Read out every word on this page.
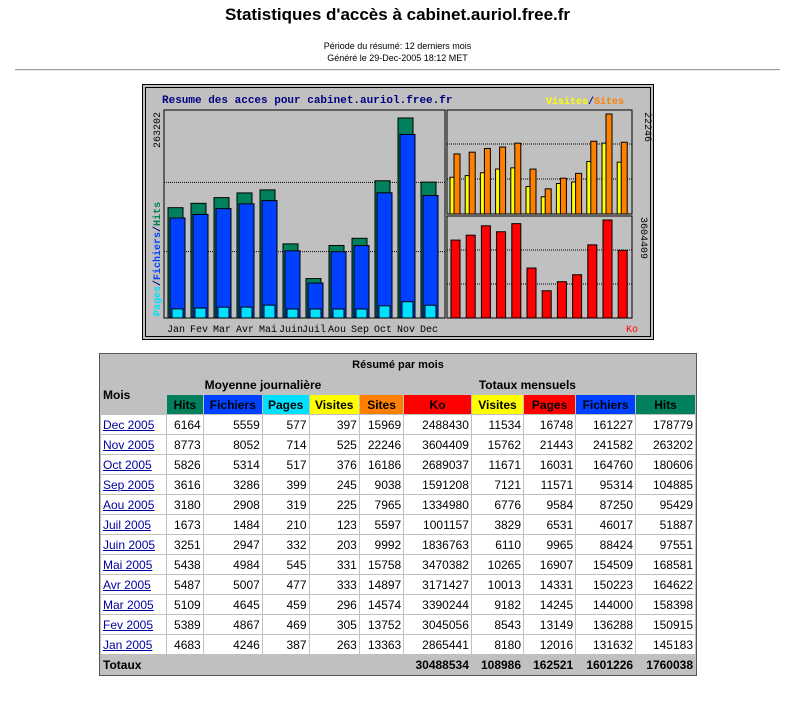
Statistiques d'accès à cabinet.auriol.free.fr
Période du résumé: 12 derniers mois
Généré le 29-Dec-2005 18:12 MET
Resume des acces pour cabinet.auriol.free.fr
Jan Fev Mar Avr Mai Juin
Juil Aou Sep Oct Nov Dec
263202
Pages/Fichiers/Hits
Visites/Sites
22246
Ko
3604409
Résumé par mois										
Mois	Moyenne journalière				Totaux mensuels					
	Hits	Fichiers	Pages	Visites	Sites	Ko	Visites	Pages	Fichiers	Hits
Dec 2005	6164	5559	577	397	15969	2488430	11534	16748	161227	178779
Nov 2005	8773	8052	714	525	22246	3604409	15762	21443	241582	263202
Oct 2005	5826	5314	517	376	16186	2689037	11671	16031	164760	180606
Sep 2005	3616	3286	399	245	9038	1591208	7121	11571	95314	104885
Aou 2005	3180	2908	319	225	7965	1334980	6776	9584	87250	95429
Juil 2005	1673	1484	210	123	5597	1001157	3829	6531	46017	51887
Juin 2005	3251	2947	332	203	9992	1836763	6110	9965	88424	97551
Mai 2005	5438	4984	545	331	15758	3470382	10265	16907	154509	168581
Avr 2005	5487	5007	477	333	14897	3171427	10013	14331	150223	164622
Mar 2005	5109	4645	459	296	14574	3390244	9182	14245	144000	158398
Fev 2005	5389	4867	469	305	13752	3045056	8543	13149	136288	150915
Jan 2005	4683	4246	387	263	13363	2865441	8180	12016	131632	145183
Totaux						30488534	108986	162521	1601226	1760038
